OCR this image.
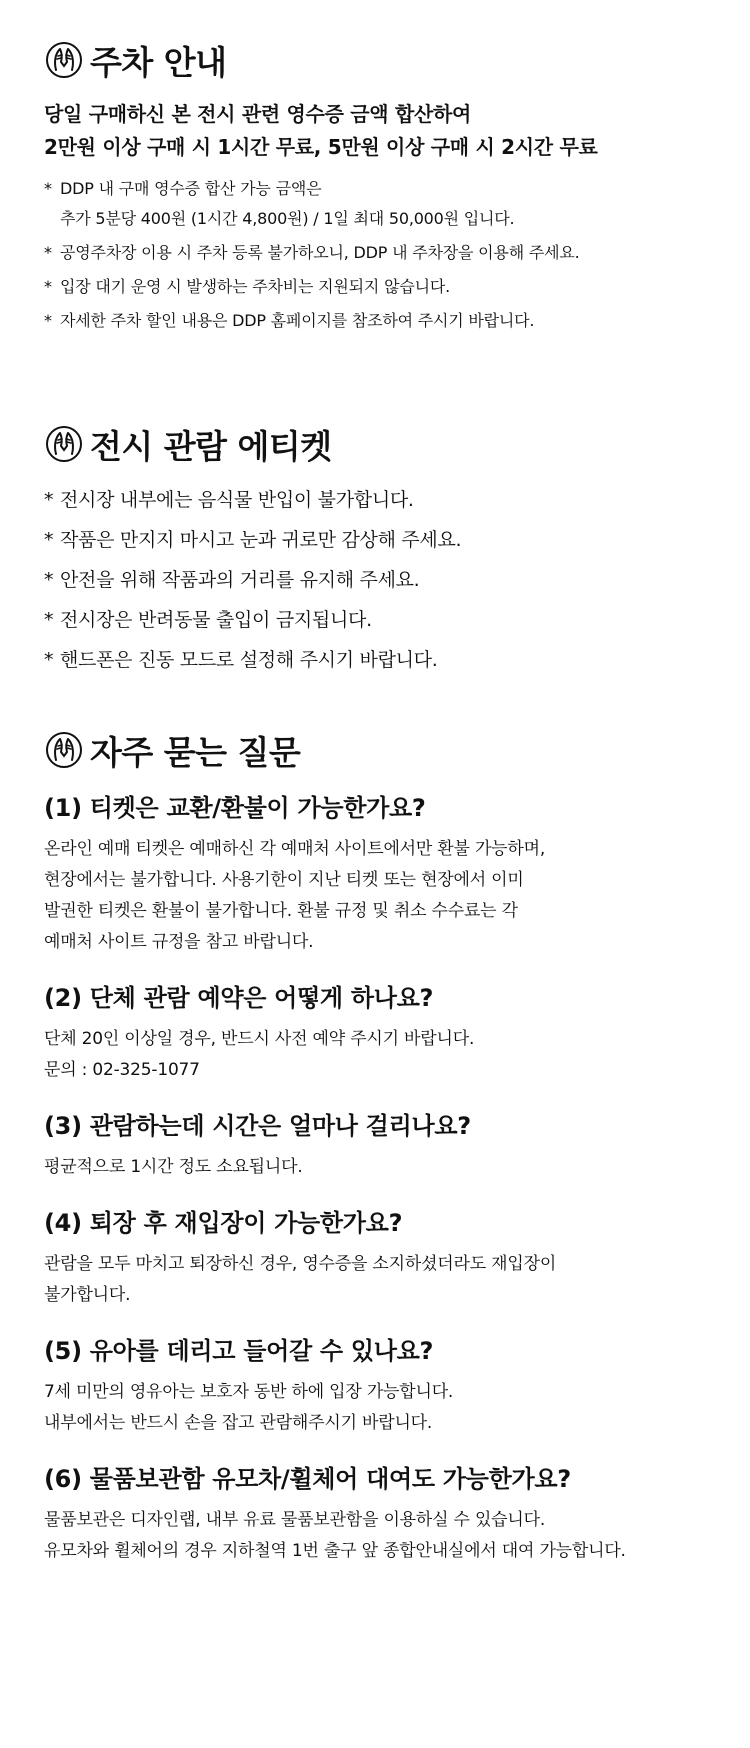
주차 안내

당일 구매하신 본 전시 관련 영수증 금액 합산하여
2만원 이상 구매 시 1시간 무료, 5만원 이상 구매 시 2시간 무료

* DDP 내 구매 영수증 합산 가능 금액은
추가 5분당 400원 (1시간 4,800원) / 1일 최대 50,000원 입니다.
* 공영주차장 이용 시 주차 등록 불가하오니, DDP 내 주차장을 이용해 주세요.
* 입장 대기 운영 시 발생하는 주차비는 지원되지 않습니다.
* 자세한 주차 할인 내용은 DDP 홈페이지를 참조하여 주시기 바랍니다.
전시 관람 에티켓
* 전시장 내부에는 음식물 반입이 불가합니다.
* 작품은 만지지 마시고 눈과 귀로만 감상해 주세요.
* 안전을 위해 작품과의 거리를 유지해 주세요.
* 전시장은 반려동물 출입이 금지됩니다.
* 핸드폰은 진동 모드로 설정해 주시기 바랍니다.
자주 묻는 질문

(1) 티켓은 교환/환불이 가능한가요?

온라인 예매 티켓은 예매하신 각 예매처 사이트에서만 환불 가능하며,
현장에서는 불가합니다. 사용기한이 지난 티켓 또는 현장에서 이미
발권한 티켓은 환불이 불가합니다. 환불 규정 및 취소 수수료는 각
예매처 사이트 규정을 참고 바랍니다.

(2) 단체 관람 예약은 어떻게 하나요?

단체 20인 이상일 경우, 반드시 사전 예약 주시기 바랍니다.
문의 : 02-325-1077

(3) 관람하는데 시간은 얼마나 걸리나요?

평균적으로 1시간 정도 소요됩니다.

(4) 퇴장 후 재입장이 가능한가요?

관람을 모두 마치고 퇴장하신 경우, 영수증을 소지하셨더라도 재입장이
불가합니다.

(5) 유아를 데리고 들어갈 수 있나요?

7세 미만의 영유아는 보호자 동반 하에 입장 가능합니다.
내부에서는 반드시 손을 잡고 관람해주시기 바랍니다.

(6) 물품보관함 유모차/휠체어 대여도 가능한가요?

물품보관은 디자인랩, 내부 유료 물품보관함을 이용하실 수 있습니다.
유모차와 휠체어의 경우 지하철역 1번 출구 앞 종합안내실에서 대여 가능합니다.
